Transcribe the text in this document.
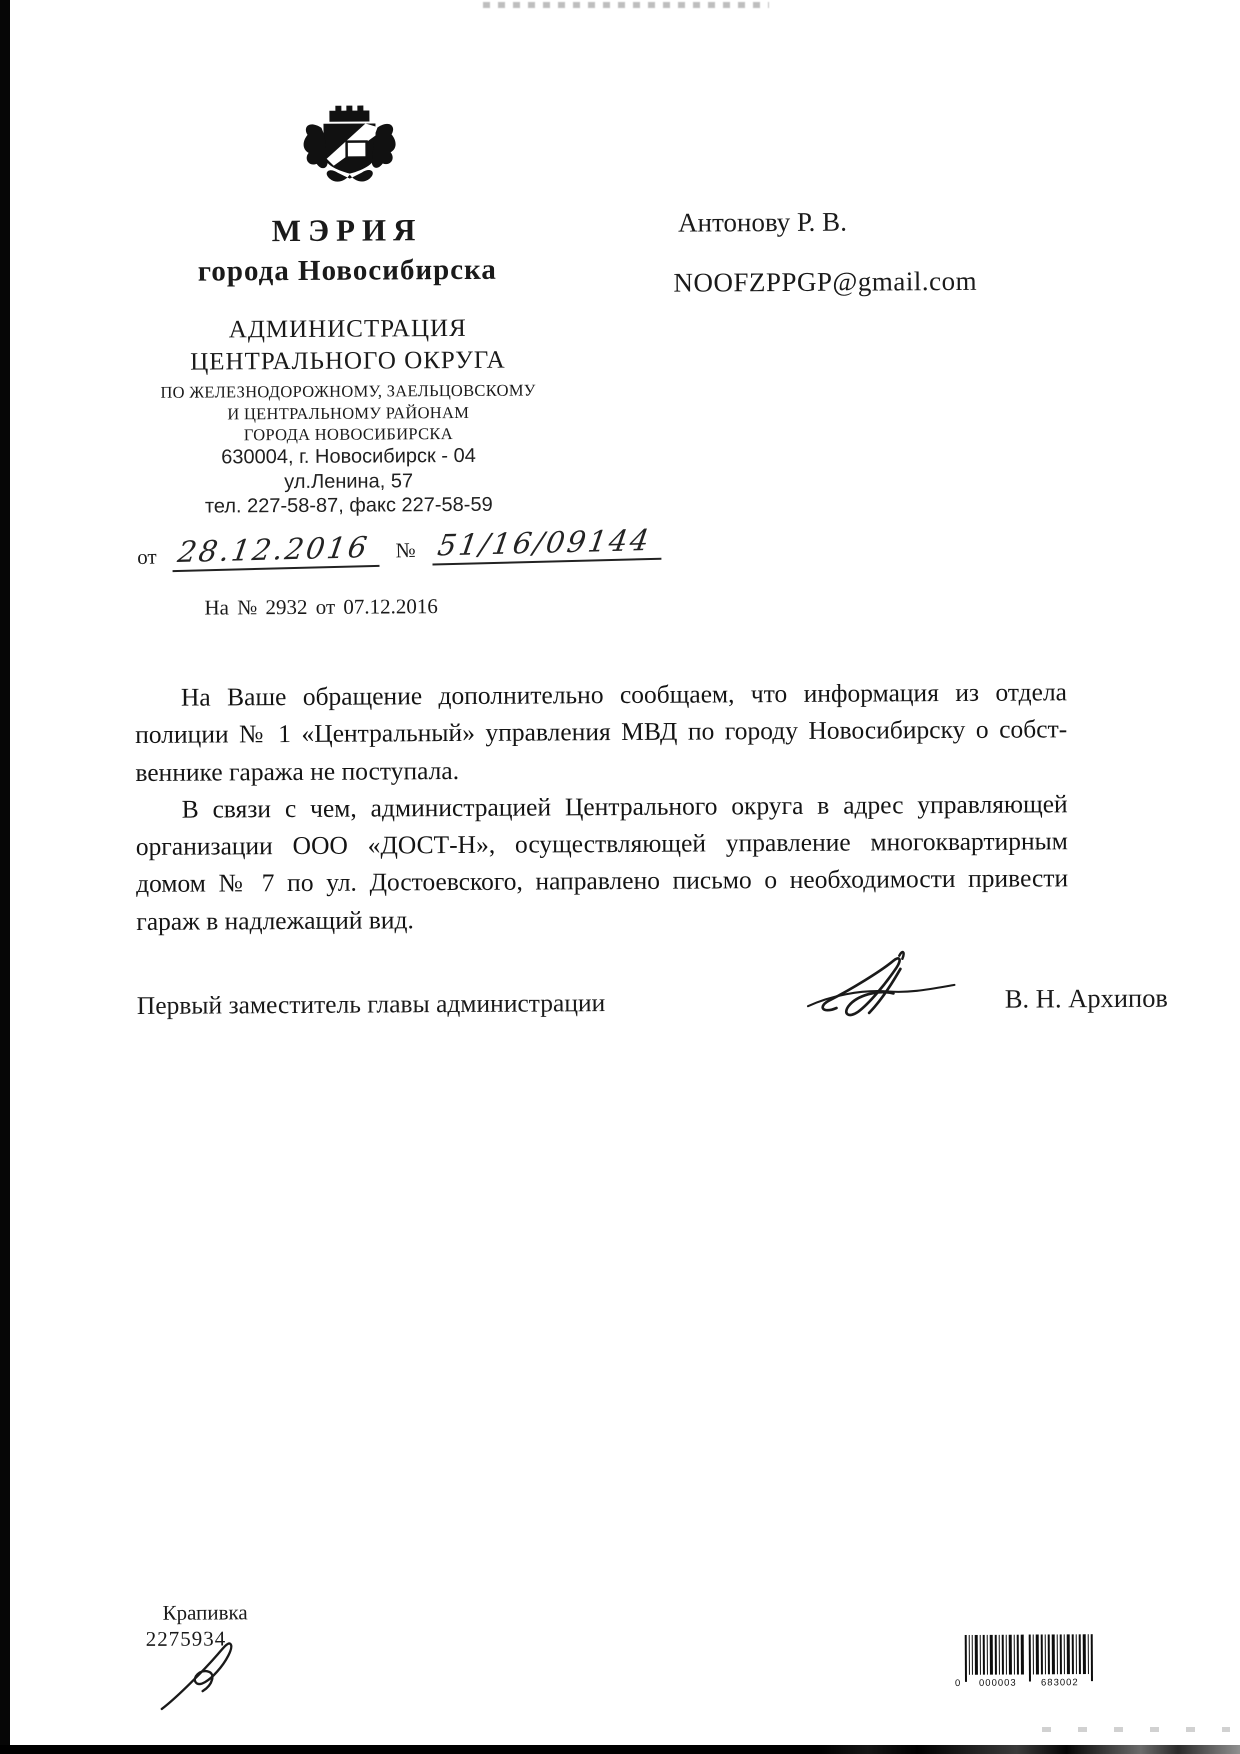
МЭРИЯ
города Новосибирска
АДМИНИСТРАЦИЯ
ЦЕНТРАЛЬНОГО ОКРУГА
ПО ЖЕЛЕЗНОДОРОЖНОМУ, ЗАЕЛЬЦОВСКОМУ
И ЦЕНТРАЛЬНОМУ РАЙОНАМ
ГОРОДА НОВОСИБИРСКА
630004, г. Новосибирск - 04
ул.Ленина, 57
тел. 227-58-87, факс 227-58-59
от 28.12.2016	№ 51/16/09144
На № 2932 от 07.12.2016
Антонову Р. В.
NOOFZPPGP@gmail.com
На Ваше обращение дополнительно сообщаем, что информация из отдела
полиции № 1 «Центральный» управления МВД по городу Новосибирску о собст-
веннике гаража не поступала.
В связи с чем, администрацией Центрального округа в адрес управляющей
организации ООО «ДОСТ-Н», осуществляющей управление многоквартирным
домом № 7 по ул. Достоевского, направлено письмо о необходимости привести
гараж в надлежащий вид.
Первый заместитель главы администрации	В. Н. Архипов
Крапивка
2275934
0 000003	683002
